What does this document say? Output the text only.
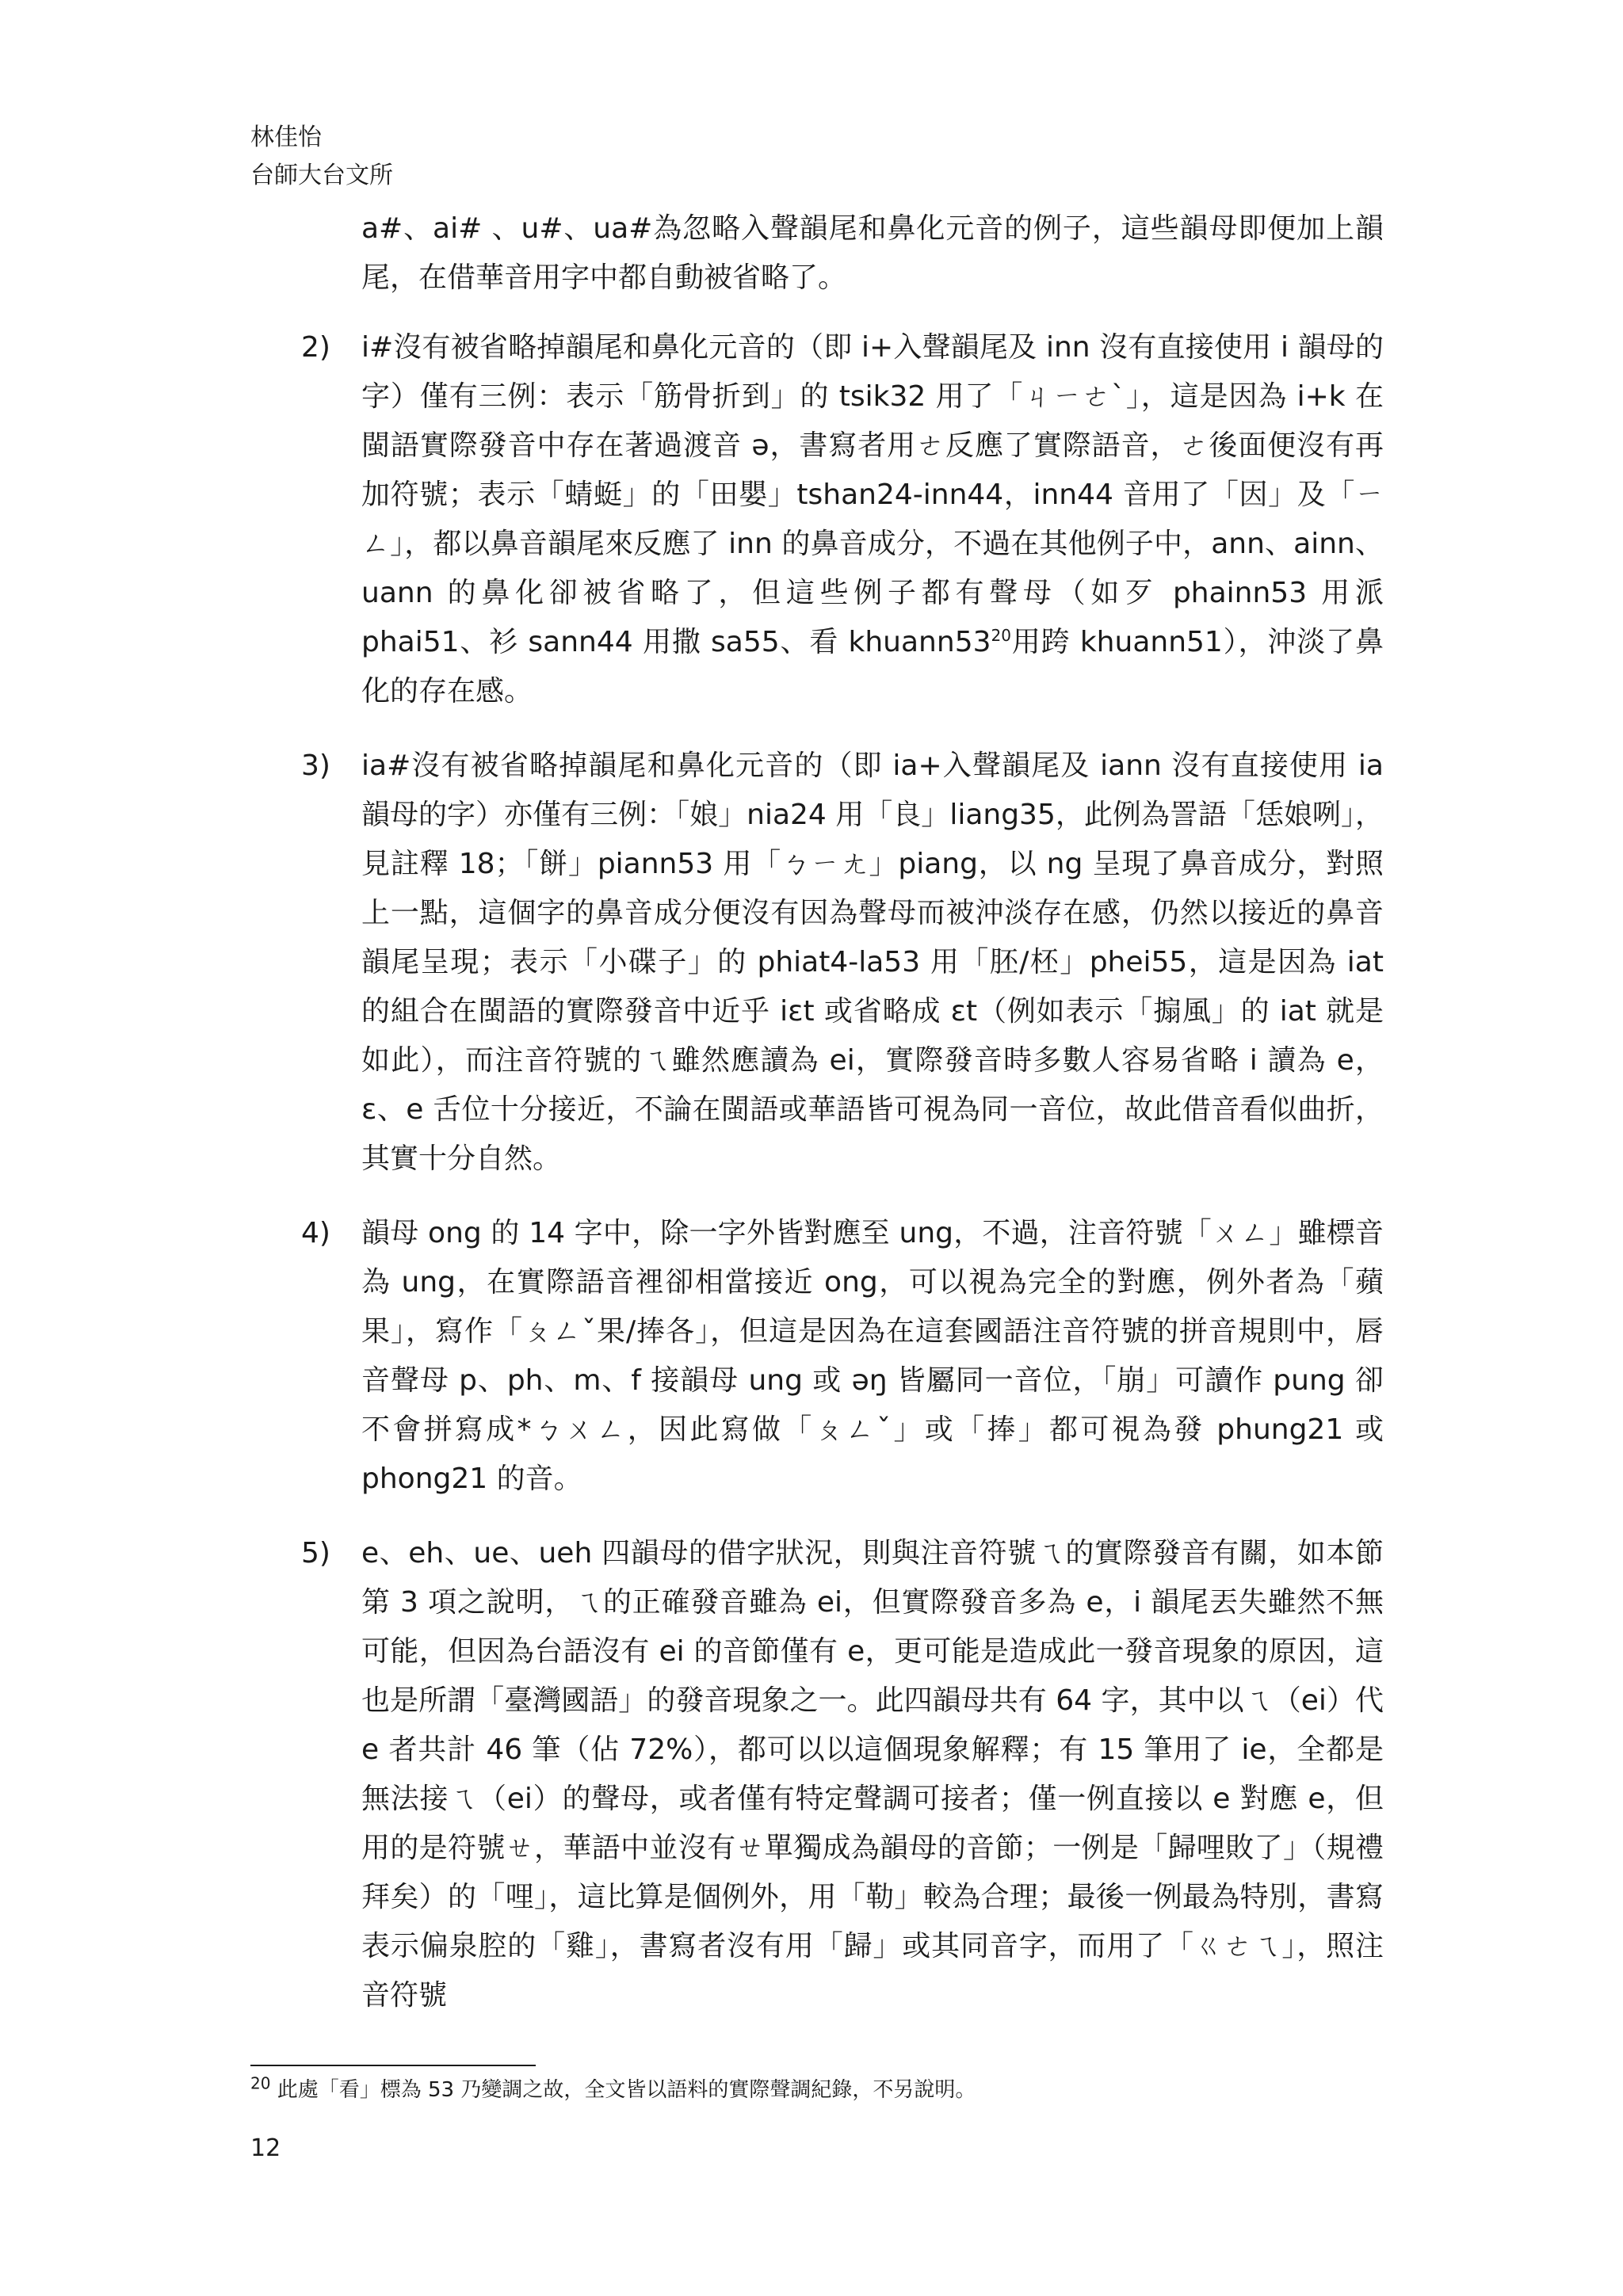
林佳怡
台師大台文所
a#、ai# 、u#、ua#為忽略入聲韻尾和鼻化元音的例子，這些韻母即便加上韻尾，在借華音用字中都自動被省略了。
2)	i#沒有被省略掉韻尾和鼻化元音的（即 i+入聲韻尾及 inn 沒有直接使用 i 韻母的字）僅有三例：表示「筋骨折到」的 tsik32 用了「ㄐㄧㄜˋ」，這是因為 i+k 在閩語實際發音中存在著過渡音 ə，書寫者用ㄜ反應了實際語音，ㄜ後面便沒有再加符號；表示「蜻蜓」的「田嬰」tshan24-inn44，inn44 音用了「因」及「ㄧㄥ」，都以鼻音韻尾來反應了 inn 的鼻音成分，不過在其他例子中，ann、ainn、uann 的鼻化卻被省略了，但這些例子都有聲母（如歹 phainn53 用派 phai51、衫 sann44 用撒 sa55、看 $khuann53^{20}$用跨 khuann51），沖淡了鼻化的存在感。
3)	ia#沒有被省略掉韻尾和鼻化元音的（即 ia+入聲韻尾及 iann 沒有直接使用 ia 韻母的字）亦僅有三例：「娘」nia24 用「良」liang35，此例為詈語「恁娘咧」，見註釋 18；「餅」piann53 用「ㄅㄧㄤ」piang，以 ng 呈現了鼻音成分，對照上一點，這個字的鼻音成分便沒有因為聲母而被沖淡存在感，仍然以接近的鼻音韻尾呈現；表示「小碟子」的 phiat4-la53 用「胚/柸」phei55，這是因為 iat 的組合在閩語的實際發音中近乎 iɛt 或省略成 ɛt（例如表示「搧風」的 iat 就是如此），而注音符號的ㄟ雖然應讀為 ei，實際發音時多數人容易省略 i 讀為 e，ɛ、e 舌位十分接近，不論在閩語或華語皆可視為同一音位，故此借音看似曲折，其實十分自然。
4)	韻母 ong 的 14 字中，除一字外皆對應至 ung，不過，注音符號「ㄨㄥ」雖標音為 ung，在實際語音裡卻相當接近 ong，可以視為完全的對應，例外者為「蘋果」，寫作「ㄆㄥˇ果/捧各」，但這是因為在這套國語注音符號的拼音規則中，唇音聲母 p、ph、m、f 接韻母 ung 或 əŋ 皆屬同一音位，「崩」可讀作 pung 卻不會拼寫成*ㄅㄨㄥ，因此寫做「ㄆㄥˇ」或「捧」都可視為發 phung21 或 phong21 的音。
5)	e、eh、ue、ueh 四韻母的借字狀況，則與注音符號ㄟ的實際發音有關，如本節第 3 項之說明，ㄟ的正確發音雖為 ei，但實際發音多為 e，i 韻尾丟失雖然不無可能，但因為台語沒有 ei 的音節僅有 e，更可能是造成此一發音現象的原因，這也是所謂「臺灣國語」的發音現象之一。此四韻母共有 64 字，其中以ㄟ（ei）代 e 者共計 46 筆（佔 72%），都可以以這個現象解釋；有 15 筆用了 ie，全都是無法接ㄟ（ei）的聲母，或者僅有特定聲調可接者；僅一例直接以 e 對應 e，但用的是符號ㄝ，華語中並沒有ㄝ單獨成為韻母的音節；一例是「歸哩敗了」（規禮拜矣）的「哩」，這比算是個例外，用「勒」較為合理；最後一例最為特別，書寫表示偏泉腔的「雞」，書寫者沒有用「歸」或其同音字，而用了「ㄍㄜㄟ」，照注音符號
$^{20}$ 此處「看」標為 53 乃變調之故，全文皆以語料的實際聲調紀錄，不另說明。
12
